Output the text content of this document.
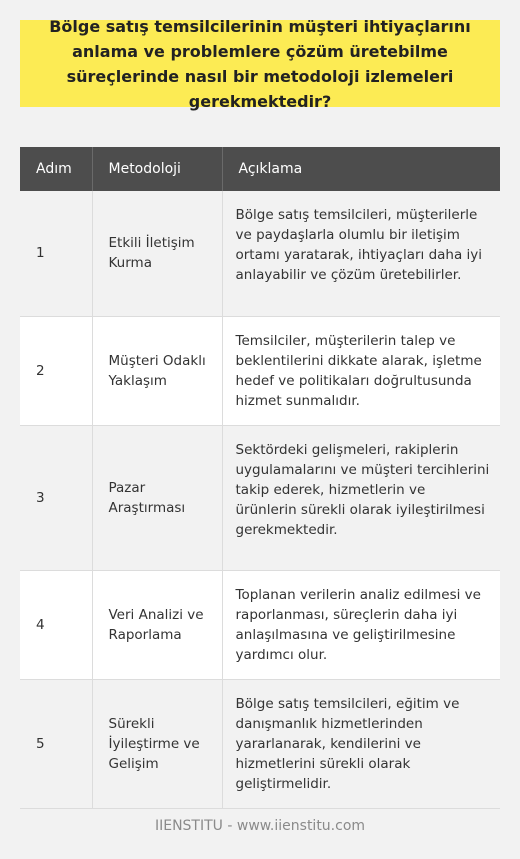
Bölge satış temsilcilerinin müşteri ihtiyaçlarını anlama ve problemlere çözüm üretebilme süreçlerinde nasıl bir metodoloji izlemeleri gerekmektedir?
Adım	Metodoloji	Açıklama
1	Etkili İletişim Kurma	Bölge satış temsilcileri, müşterilerle ve paydaşlarla olumlu bir iletişim ortamı yaratarak, ihtiyaçları daha iyi anlayabilir ve çözüm üretebilirler.
2	Müşteri Odaklı Yaklaşım	Temsilciler, müşterilerin talep ve beklentilerini dikkate alarak, işletme hedef ve politikaları doğrultusunda hizmet sunmalıdır.
3	Pazar Araştırması	Sektördeki gelişmeleri, rakiplerin uygulamalarını ve müşteri tercihlerini takip ederek, hizmetlerin ve ürünlerin sürekli olarak iyileştirilmesi gerekmektedir.
4	Veri Analizi ve Raporlama	Toplanan verilerin analiz edilmesi ve raporlanması, süreçlerin daha iyi anlaşılmasına ve geliştirilmesine yardımcı olur.
5	Sürekli İyileştirme ve Gelişim	Bölge satış temsilcileri, eğitim ve danışmanlık hizmetlerinden yararlanarak, kendilerini ve hizmetlerini sürekli olarak geliştirmelidir.
IIENSTITU - www.iienstitu.com
